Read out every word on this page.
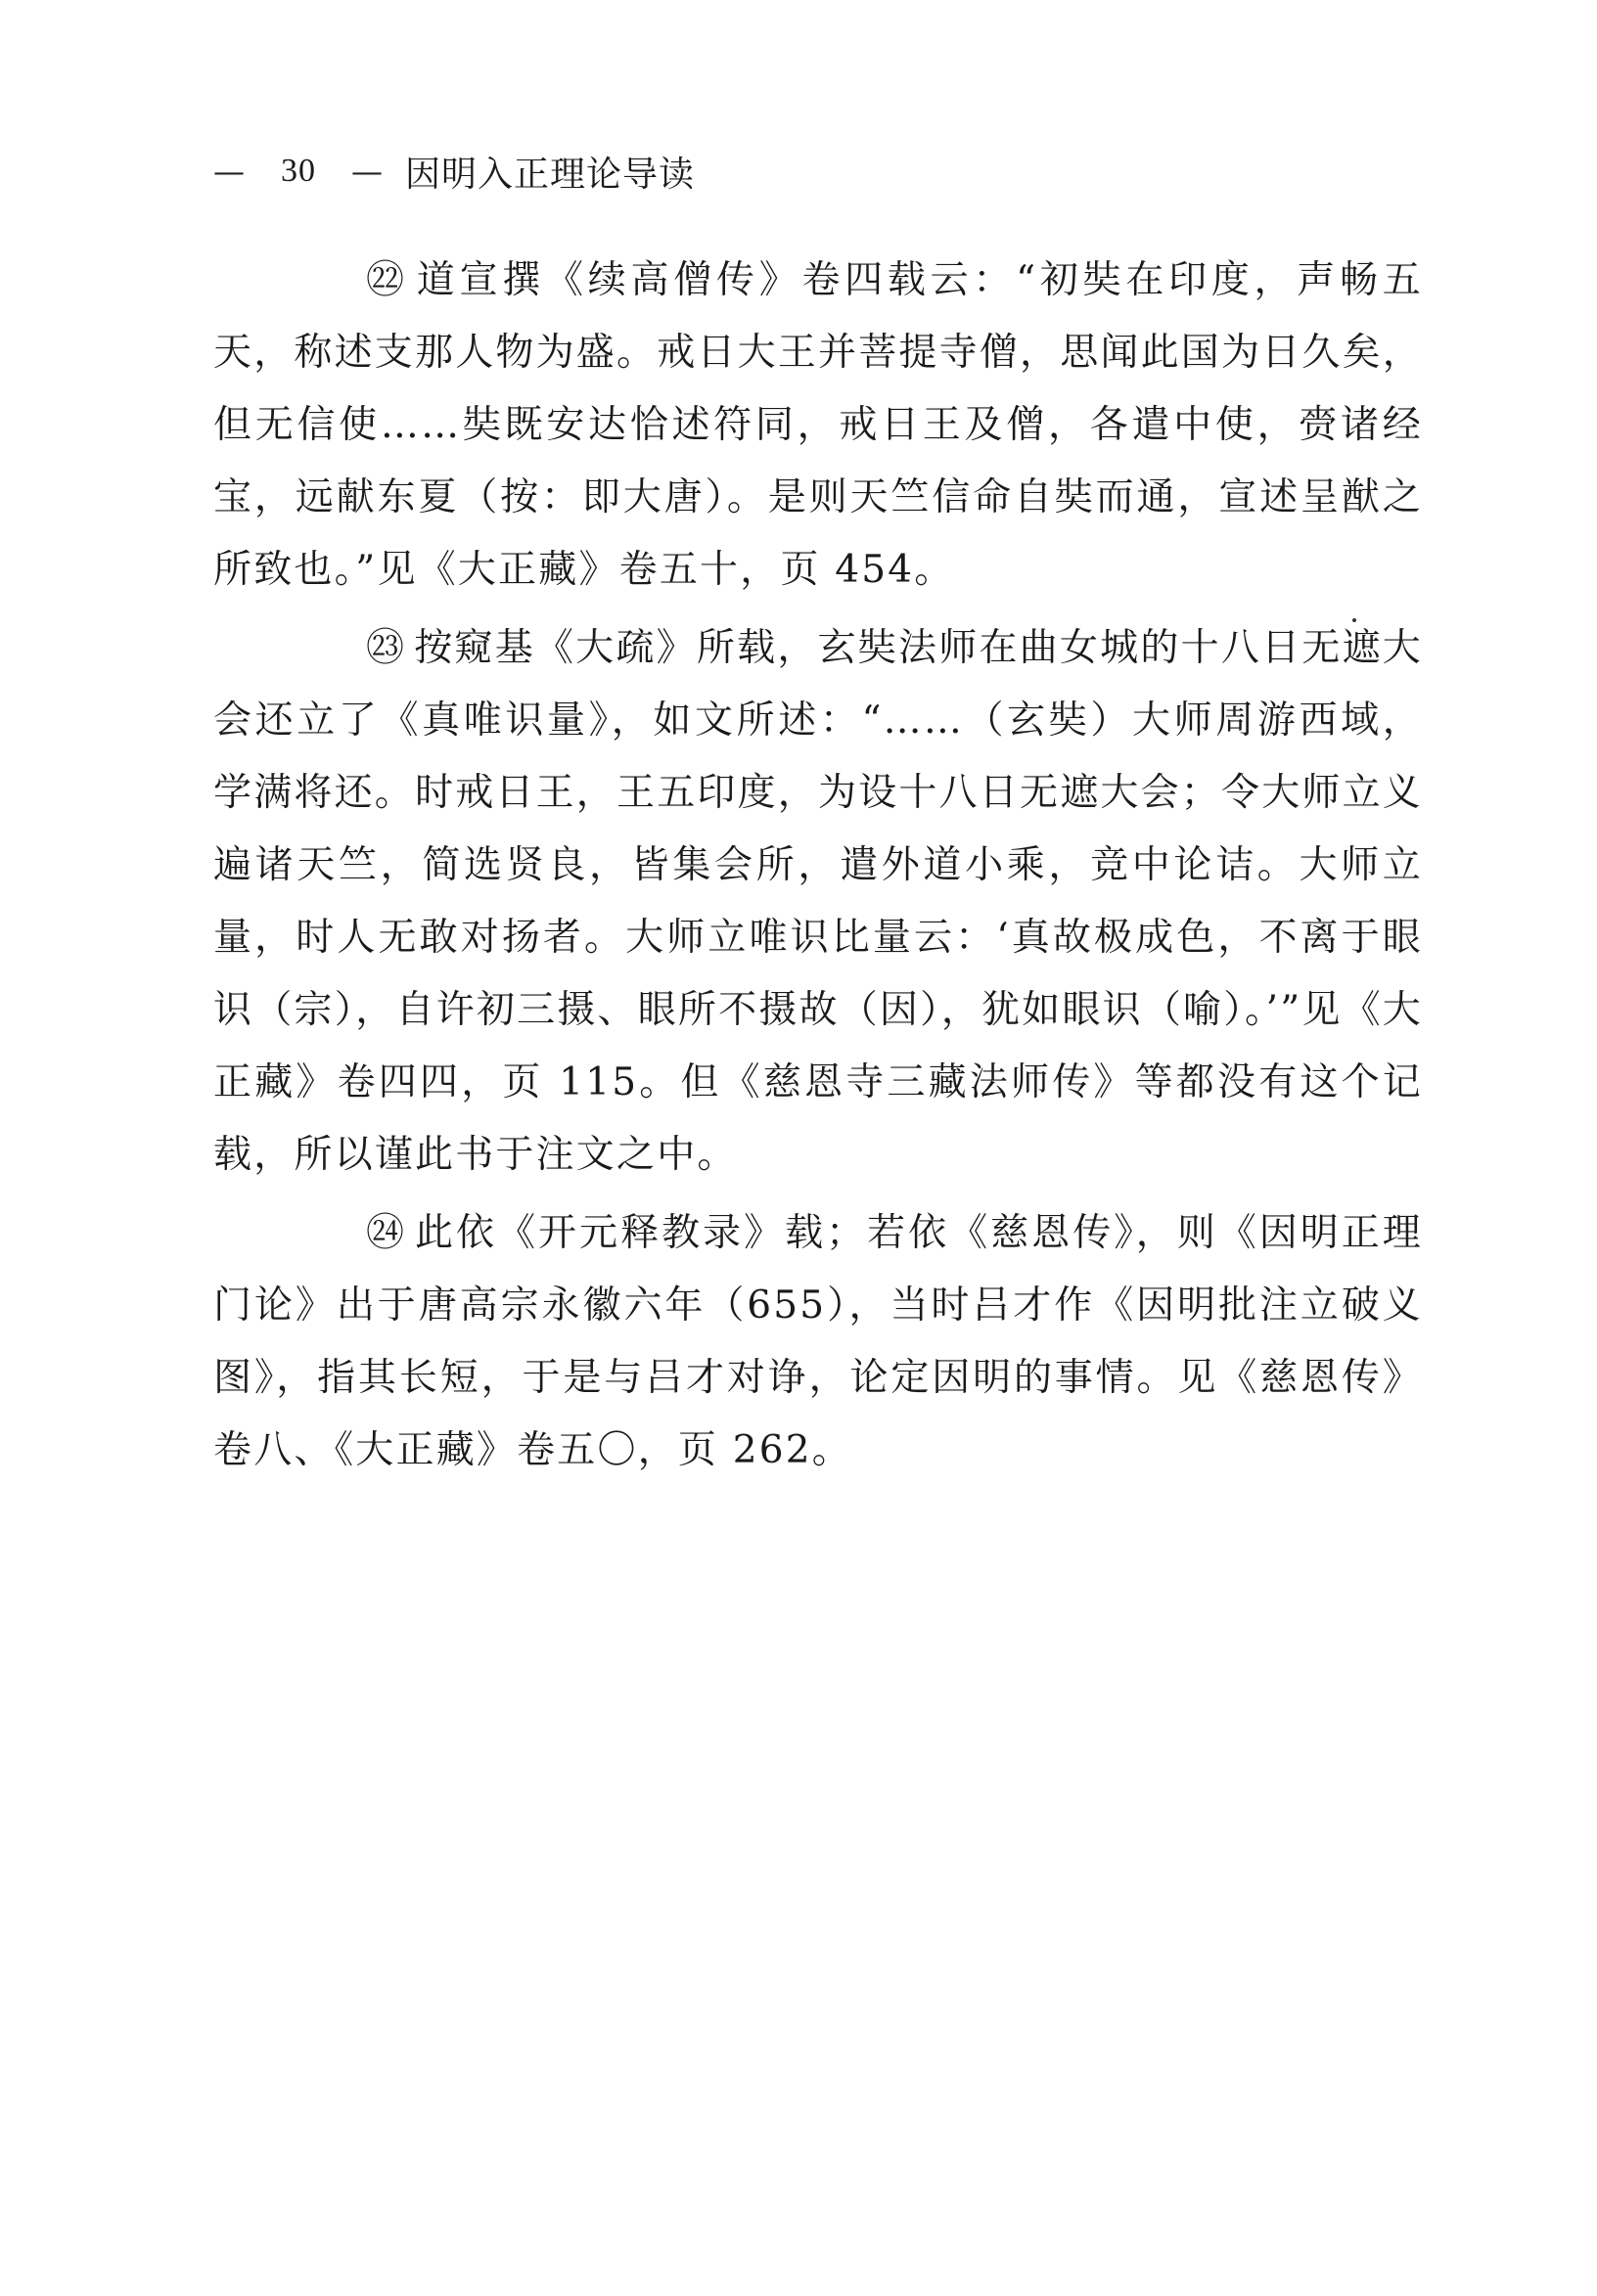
— 30 — 因明入正理论导读

㉒ 道宣撰《续高僧传》卷四载云：“初奘在印度，声畅五天，称述支那人物为盛。戒日大王并菩提寺僧，思闻此国为日久矣，但无信使……奘既安达恰述符同，戒日王及僧，各遣中使，赍诸经宝，远献东夏（按：即大唐）。是则天竺信命自奘而通，宣述呈猷之所致也。”见《大正藏》卷五十，页 454。

㉓ 按窥基《大疏》所载，玄奘法师在曲女城的十八日无遮大会还立了《真唯识量》，如文所述：“……（玄奘）大师周游西域，学满将还。时戒日王，王五印度，为设十八日无遮大会；令大师立义遍诸天竺，简选贤良，皆集会所，遣外道小乘，竞中论诘。大师立量，时人无敢对扬者。大师立唯识比量云：‘真故极成色，不离于眼识（宗），自许初三摄、眼所不摄故（因），犹如眼识（喻）。’”见《大正藏》卷四四，页 115。但《慈恩寺三藏法师传》等都没有这个记载，所以谨此书于注文之中。

㉔ 此依《开元释教录》载；若依《慈恩传》，则《因明正理门论》出于唐高宗永徽六年（655），当时吕才作《因明批注立破义图》，指其长短，于是与吕才对诤，论定因明的事情。见《慈恩传》卷八、《大正藏》卷五〇，页 262。
